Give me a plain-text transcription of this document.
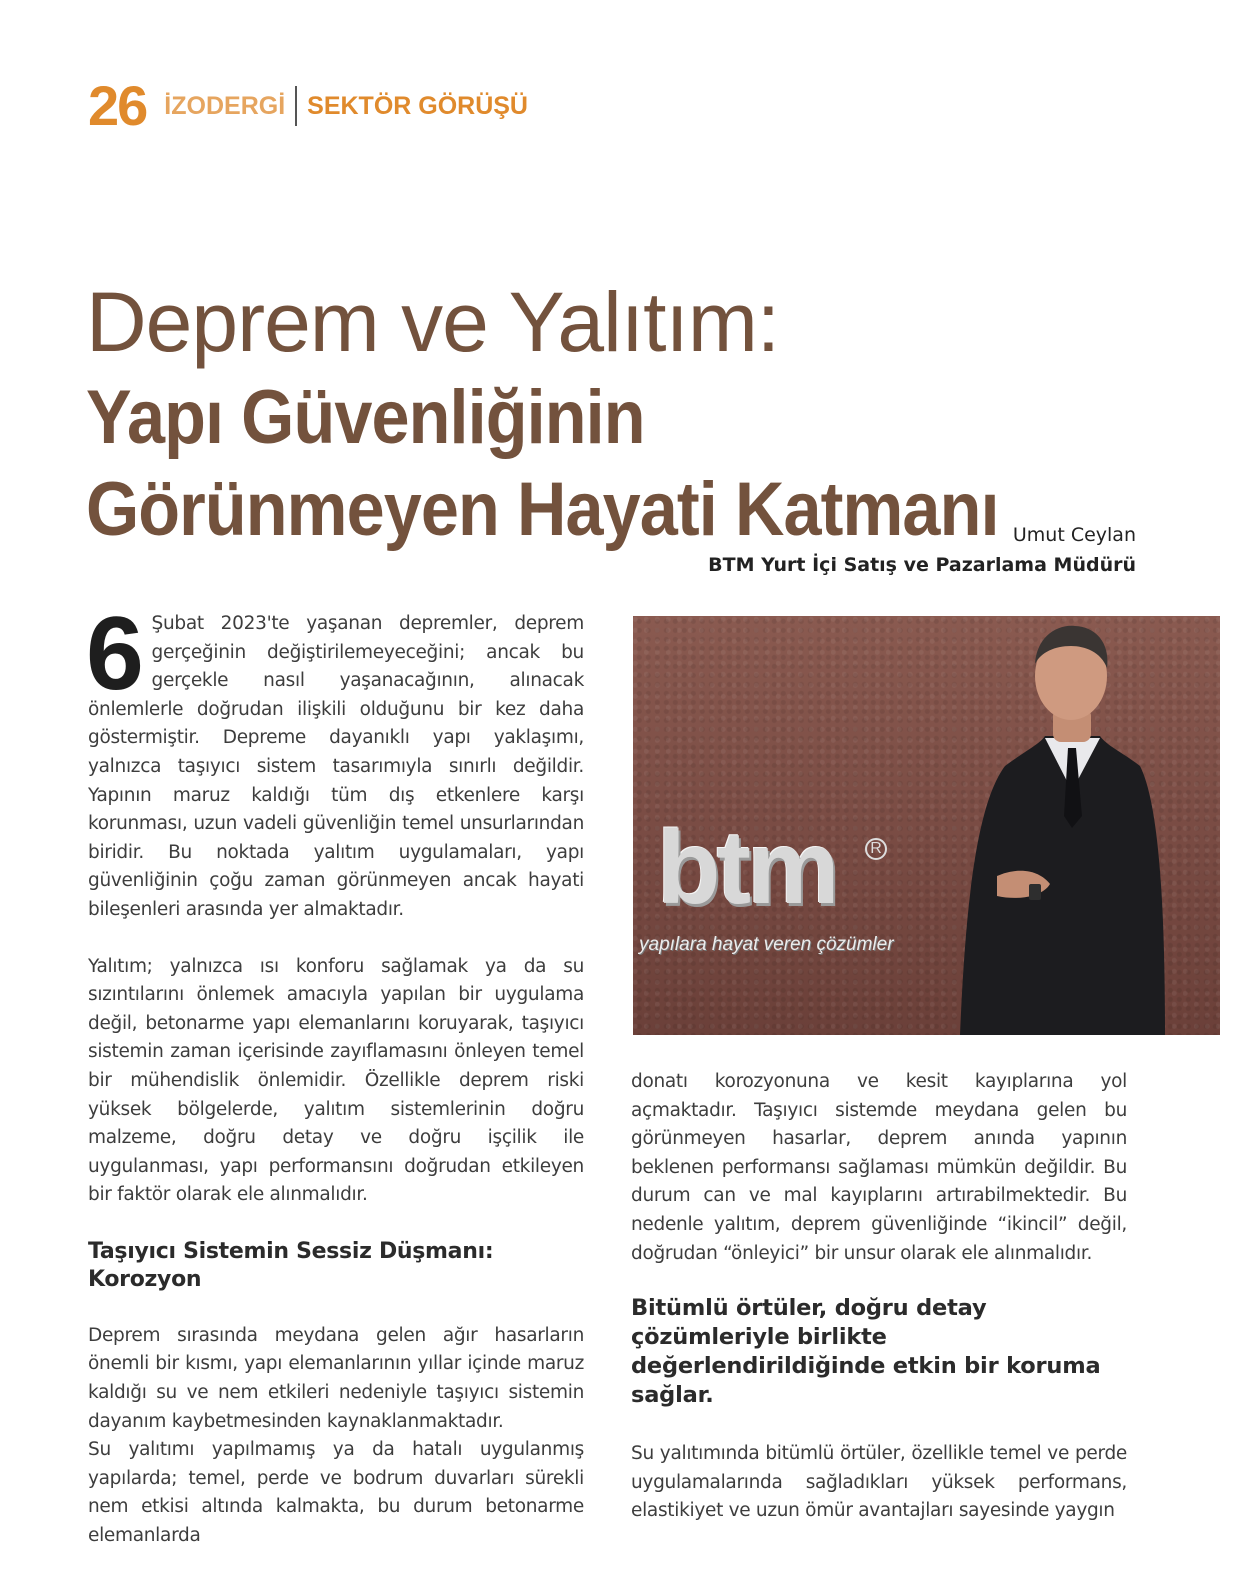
26 İZODERGİ SEKTÖR GÖRÜŞÜ
Deprem ve Yalıtım:
Yapı Güvenliğinin Görünmeyen Hayati Katmanı Umut Ceylan
BTM Yurt İçi Satış ve Pazarlama Müdürü

6 Şubat 2023'te yaşanan depremler, deprem gerçeğinin değiştirilemeyeceğini; ancak bu gerçekle nasıl yaşanacağının, alınacak önlemlerle doğrudan ilişkili olduğunu bir kez daha göstermiştir. Depreme dayanıklı yapı yaklaşımı, yalnızca taşıyıcı sistem tasarımıyla sınırlı değildir. Yapının maruz kaldığı tüm dış etkenlere karşı korunması, uzun vadeli güvenliğin temel unsurlarından biridir. Bu noktada yalıtım uygulamaları, yapı güvenliğinin çoğu zaman görünmeyen ancak hayati bileşenleri arasında yer almaktadır.

Yalıtım; yalnızca ısı konforu sağlamak ya da su sızıntılarını önlemek amacıyla yapılan bir uygulama değil, betonarme yapı elemanlarını koruyarak, taşıyıcı sistemin zaman içerisinde zayıflamasını önleyen temel bir mühendislik önlemidir. Özellikle deprem riski yüksek bölgelerde, yalıtım sistemlerinin doğru malzeme, doğru detay ve doğru işçilik ile uygulanması, yapı performansını doğrudan etkileyen bir faktör olarak ele alınmalıdır.

Taşıyıcı Sistemin Sessiz Düşmanı: Korozyon

Deprem sırasında meydana gelen ağır hasarların önemli bir kısmı, yapı elemanlarının yıllar içinde maruz kaldığı su ve nem etkileri nedeniyle taşıyıcı sistemin dayanım kaybetmesinden kaynaklanmaktadır.

Su yalıtımı yapılmamış ya da hatalı uygulanmış yapılarda; temel, perde ve bodrum duvarları sürekli nem etkisi altında kalmakta, bu durum betonarme elemanlarda

btm	R
yapılara hayat veren çözümler

donatı korozyonuna ve kesit kayıplarına yol açmaktadır. Taşıyıcı sistemde meydana gelen bu görünmeyen hasarlar, deprem anında yapının beklenen performansı sağlaması mümkün değildir. Bu durum can ve mal kayıplarını artırabilmektedir. Bu nedenle yalıtım, deprem güvenliğinde “ikincil” değil, doğrudan “önleyici” bir unsur olarak ele alınmalıdır.

Bitümlü örtüler, doğru detay çözümleriyle birlikte değerlendirildiğinde etkin bir koruma sağlar.

Su yalıtımında bitümlü örtüler, özellikle temel ve perde uygulamalarında sağladıkları yüksek performans, elastikiyet ve uzun ömür avantajları sayesinde yaygın
